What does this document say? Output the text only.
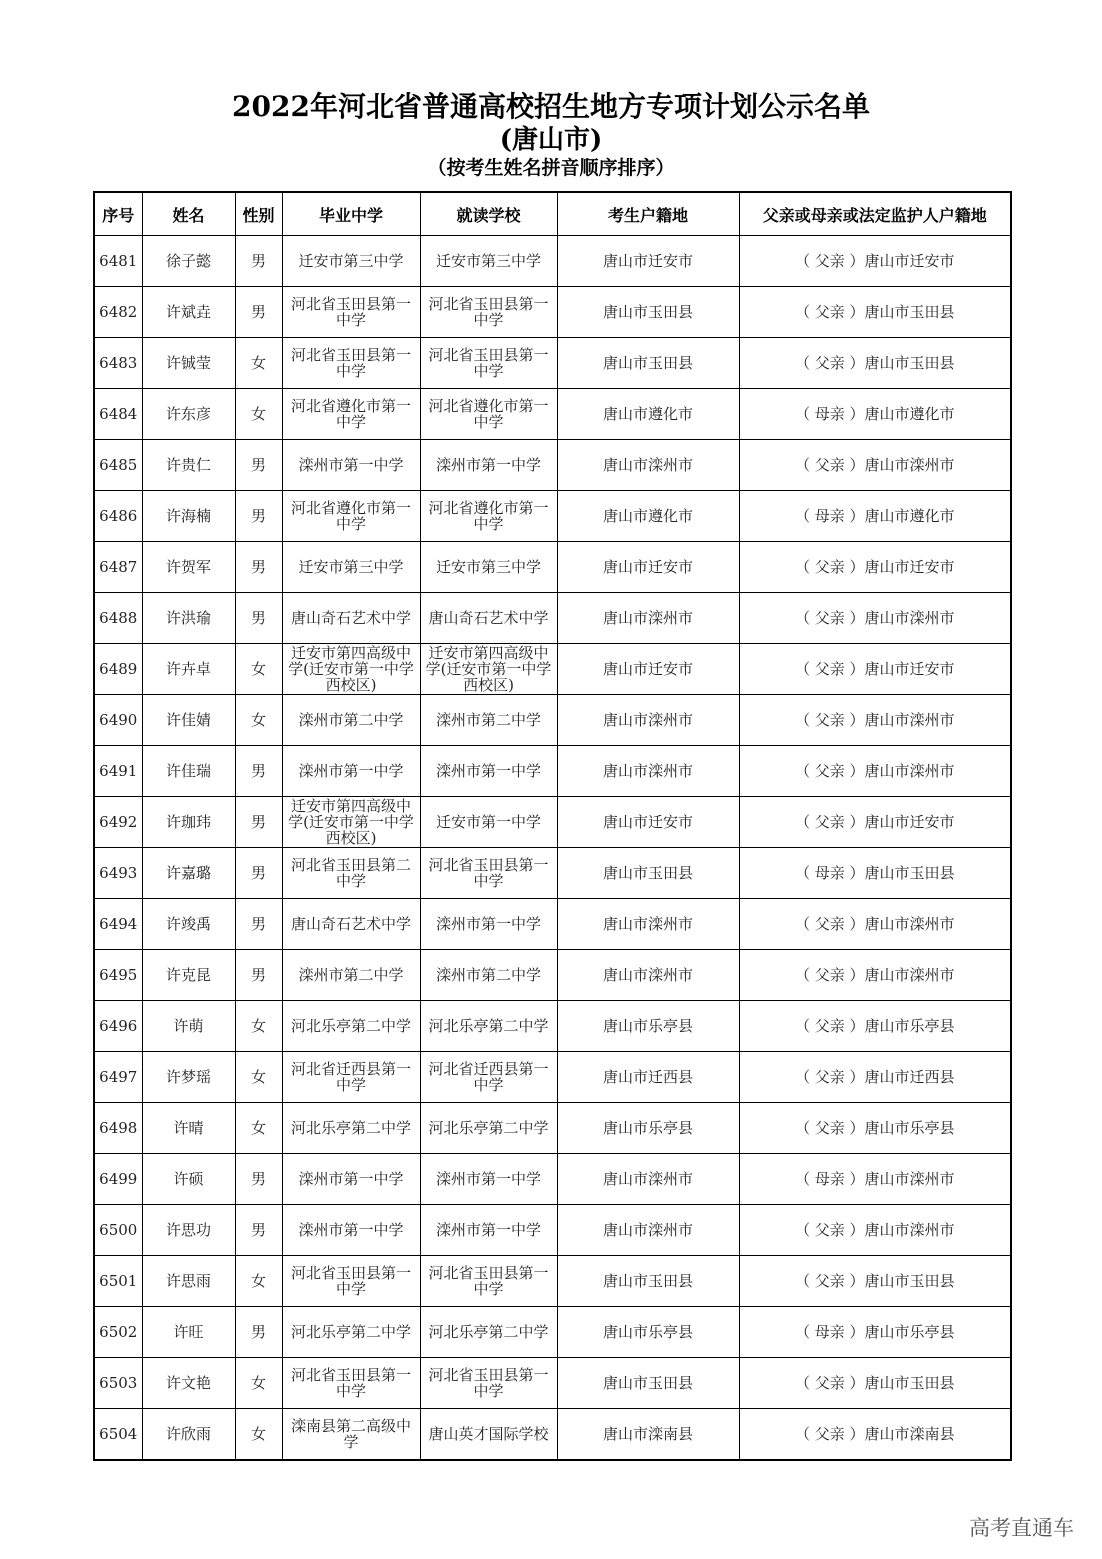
2022年河北省普通高校招生地方专项计划公示名单
(唐山市)
（按考生姓名拼音顺序排序）
序号	姓名	性别	毕业中学	就读学校	考生户籍地	父亲或母亲或法定监护人户籍地
6481	徐子懿	男	迁安市第三中学	迁安市第三中学	唐山市迁安市	（ 父亲 ）唐山市迁安市
6482	许斌垚	男	河北省玉田县第一中学	河北省玉田县第一中学	唐山市玉田县	（ 父亲 ）唐山市玉田县
6483	许铖莹	女	河北省玉田县第一中学	河北省玉田县第一中学	唐山市玉田县	（ 父亲 ）唐山市玉田县
6484	许东彦	女	河北省遵化市第一中学	河北省遵化市第一中学	唐山市遵化市	（ 母亲 ）唐山市遵化市
6485	许贵仁	男	滦州市第一中学	滦州市第一中学	唐山市滦州市	（ 父亲 ）唐山市滦州市
6486	许海楠	男	河北省遵化市第一中学	河北省遵化市第一中学	唐山市遵化市	（ 母亲 ）唐山市遵化市
6487	许贺军	男	迁安市第三中学	迁安市第三中学	唐山市迁安市	（ 父亲 ）唐山市迁安市
6488	许洪瑜	男	唐山奇石艺术中学	唐山奇石艺术中学	唐山市滦州市	（ 父亲 ）唐山市滦州市
6489	许卉卓	女	迁安市第四高级中学(迁安市第一中学西校区)	迁安市第四高级中学(迁安市第一中学西校区)	唐山市迁安市	（ 父亲 ）唐山市迁安市
6490	许佳婧	女	滦州市第二中学	滦州市第二中学	唐山市滦州市	（ 父亲 ）唐山市滦州市
6491	许佳瑞	男	滦州市第一中学	滦州市第一中学	唐山市滦州市	（ 父亲 ）唐山市滦州市
6492	许珈玮	男	迁安市第四高级中学(迁安市第一中学西校区)	迁安市第一中学	唐山市迁安市	（ 父亲 ）唐山市迁安市
6493	许嘉璐	男	河北省玉田县第二中学	河北省玉田县第一中学	唐山市玉田县	（ 母亲 ）唐山市玉田县
6494	许竣禹	男	唐山奇石艺术中学	滦州市第一中学	唐山市滦州市	（ 父亲 ）唐山市滦州市
6495	许克昆	男	滦州市第二中学	滦州市第二中学	唐山市滦州市	（ 父亲 ）唐山市滦州市
6496	许萌	女	河北乐亭第二中学	河北乐亭第二中学	唐山市乐亭县	（ 父亲 ）唐山市乐亭县
6497	许梦瑶	女	河北省迁西县第一中学	河北省迁西县第一中学	唐山市迁西县	（ 父亲 ）唐山市迁西县
6498	许晴	女	河北乐亭第二中学	河北乐亭第二中学	唐山市乐亭县	（ 父亲 ）唐山市乐亭县
6499	许硕	男	滦州市第一中学	滦州市第一中学	唐山市滦州市	（ 母亲 ）唐山市滦州市
6500	许思功	男	滦州市第一中学	滦州市第一中学	唐山市滦州市	（ 父亲 ）唐山市滦州市
6501	许思雨	女	河北省玉田县第一中学	河北省玉田县第一中学	唐山市玉田县	（ 父亲 ）唐山市玉田县
6502	许旺	男	河北乐亭第二中学	河北乐亭第二中学	唐山市乐亭县	（ 母亲 ）唐山市乐亭县
6503	许文艳	女	河北省玉田县第一中学	河北省玉田县第一中学	唐山市玉田县	（ 父亲 ）唐山市玉田县
6504	许欣雨	女	滦南县第二高级中学	唐山英才国际学校	唐山市滦南县	（ 父亲 ）唐山市滦南县
高考直通车
